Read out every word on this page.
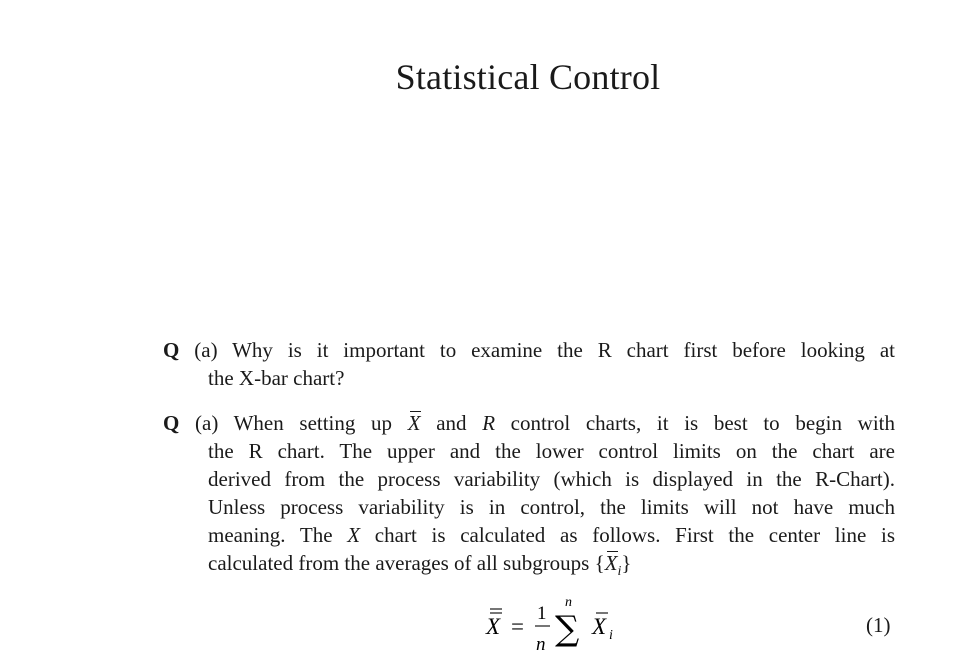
Statistical Control
Q (a) Why is it important to examine the R chart first before looking at
the X-bar chart?
Q (a) When setting up X and R control charts, it is best to begin with
the R chart. The upper and the lower control limits on the chart are
derived from the process variability (which is displayed in the R-Chart).
Unless process variability is in control, the limits will not have much
meaning. The X chart is calculated as follows. First the center line is
calculated from the averages of all subgroups $\{X_i\}$
X =
1
n
n
∑ X i	(1)
